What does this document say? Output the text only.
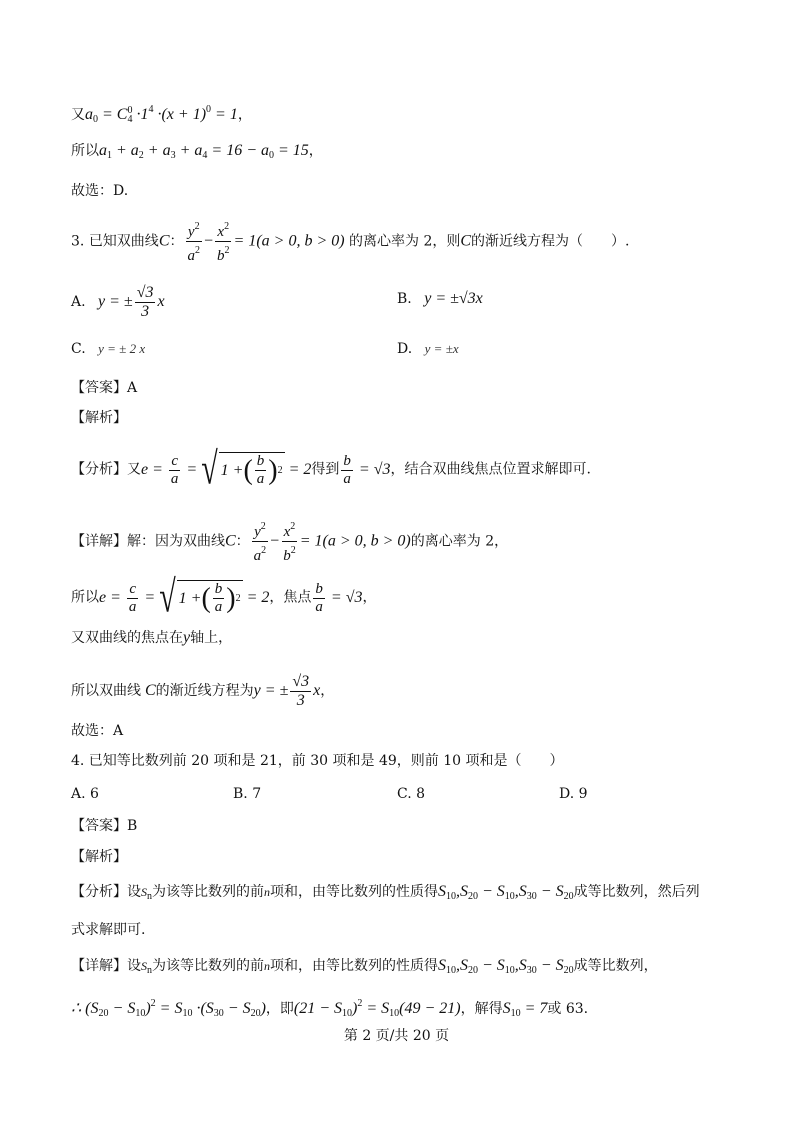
又$a_0 = C$ $_{0 4} \cdot 1^4 \cdot(x + 1)^0 = 1$，
所以$a_1 + a_2 + a_3 + a_4 = 16 - a_0 = 15$，
故选：D.
3. 已知双曲线C： $\frac{y^2}{a^2} - \frac{x^2}{b^2} = 1(a > 0$, b > 0) 的离心率为 2，则C的渐近线方程为（　　）.
A. y = ± $\frac{√3}{3}$ x	B. y = ±√3x
C. y = ± 2 x	D. y = ±x
【答案】A
【解析】
【分析】又$e = \frac{c}{a}$ = √ 1 + ( $\frac{b}{a}$ ) 2 = 2得到 $\frac{b}{a} = √3$，结合双曲线焦点位置求解即可.
【详解】解：因为双曲线C： $\frac{y^2}{a^2} - \frac{x^2}{b^2} = 1(a > 0$, b > 0)的离心率为 2，
所以$e = \frac{c}{a}$ = √ 1 + ( $\frac{b}{a}$ ) 2 = 2，焦点 $\frac{b}{a} = √3$，
又双曲线的焦点在y轴上，
所以双曲线 C的渐近线方程为y = ± $\frac{√3}{3}$ x，
故选：A
4. 已知等比数列前 20 项和是 21，前 30 项和是 49，则前 10 项和是（　　）
A. 6	B. 7	C. 8	D. 9
【答案】B
【解析】
【分析】设$S_n$为该等比数列的前n项和，由等比数列的性质得$S_{10},S_{20} - S_{10},S_{30} - S_{20}$成等比数列，然后列
式求解即可.
【详解】设$S_n$为该等比数列的前n项和，由等比数列的性质得$S_{10},S_{20} - S_{10},S_{30} - S_{20}$成等比数列，
∴ $(S_{20} - S_{10})^2 = S_{10} \cdot(S_{30} - S_{20})$，即$(21 - S_{10})^2 = S_{10}(49 - 21)$，解得$S_{10} = 7$或 63.
第 2 页/共 20 页
